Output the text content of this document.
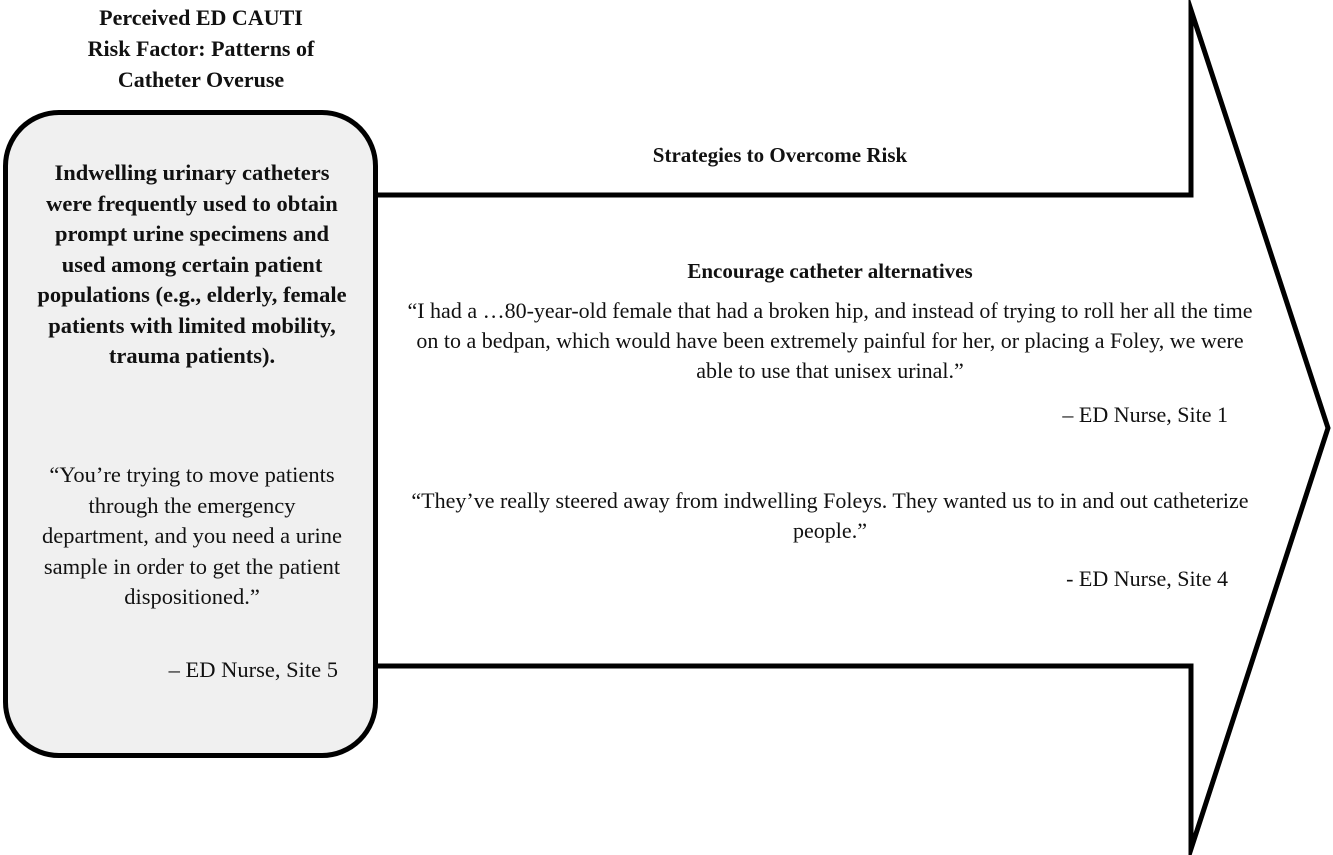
Perceived ED CAUTI
Risk Factor: Patterns of
Catheter Overuse
Indwelling urinary catheters were frequently used to obtain prompt urine specimens and used among certain patient populations (e.g., elderly, female patients with limited mobility, trauma patients).
“You’re trying to move patients through the emergency department, and you need a urine sample in order to get the patient dispositioned.”
– ED Nurse, Site 5
Strategies to Overcome Risk
Encourage catheter alternatives
“I had a …80-year-old female that had a broken hip, and instead of trying to roll her all the time on to a bedpan, which would have been extremely painful for her, or placing a Foley, we were able to use that unisex urinal.”
– ED Nurse, Site 1
“They’ve really steered away from indwelling Foleys. They wanted us to in and out catheterize people.”
- ED Nurse, Site 4
